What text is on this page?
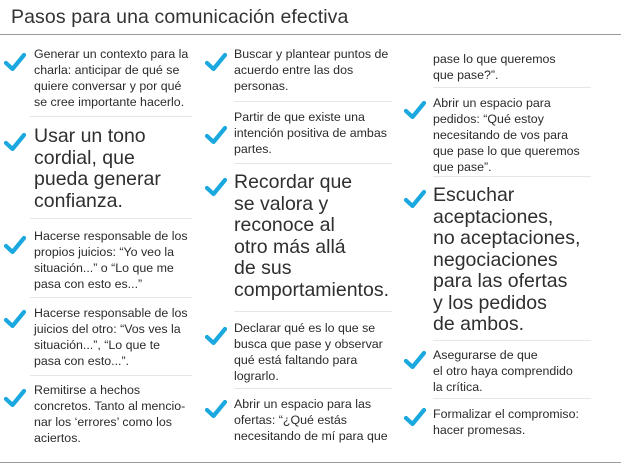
Pasos para una comunicación efectiva
Generar un contexto para la
charla: anticipar de qué se
quiere conversar y por qué
se cree importante hacerlo.
Usar un tono
cordial, que
pueda generar
confianza.
Hacerse responsable de los
propios juicios: “Yo veo la
situación...” o “Lo que me
pasa con esto es...”
Hacerse responsable de los
juicios del otro: “Vos ves la
situación...”, “Lo que te
pasa con esto...”.
Remitirse a hechos
concretos. Tanto al mencio-
nar los ‘errores’ como los
aciertos.
Buscar y plantear puntos de
acuerdo entre las dos
personas.
Partir de que existe una
intención positiva de ambas
partes.
Recordar que
se valora y
reconoce al
otro más allá
de sus
comportamientos.
Declarar qué es lo que se
busca que pase y observar
qué está faltando para
lograrlo.
Abrir un espacio para las
ofertas: “¿Qué estás
necesitando de mí para que
pase lo que queremos
que pase?”.
Abrir un espacio para
pedidos: “Qué estoy
necesitando de vos para
que pase lo que queremos
que pase”.
Escuchar
aceptaciones,
no aceptaciones,
negociaciones
para las ofertas
y los pedidos
de ambos.
Asegurarse de que
el otro haya comprendido
la crítica.
Formalizar el compromiso:
hacer promesas.
